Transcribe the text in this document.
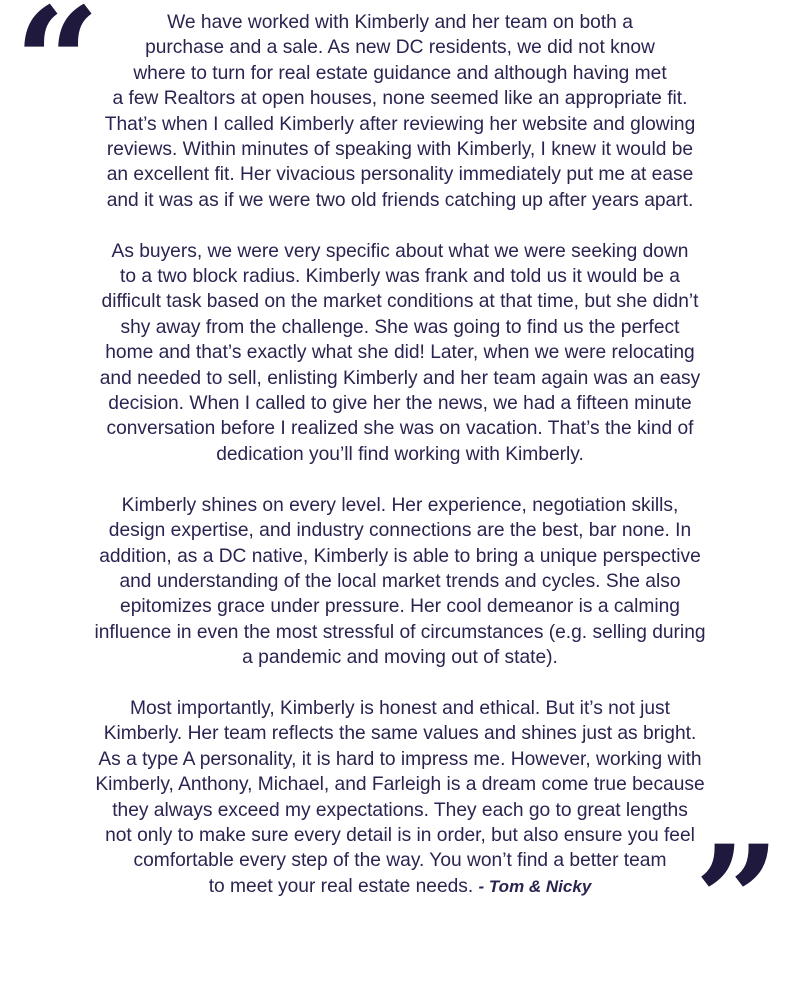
“	We have worked with Kimberly and her team on both a
purchase and a sale. As new DC residents, we did not know
where to turn for real estate guidance and although having met
a few Realtors at open houses, none seemed like an appropriate fit.
That’s when I called Kimberly after reviewing her website and glowing
reviews. Within minutes of speaking with Kimberly, I knew it would be
an excellent fit. Her vivacious personality immediately put me at ease
and it was as if we were two old friends catching up after years apart.

As buyers, we were very specific about what we were seeking down
to a two block radius. Kimberly was frank and told us it would be a
difficult task based on the market conditions at that time, but she didn’t
shy away from the challenge. She was going to find us the perfect
home and that’s exactly what she did! Later, when we were relocating
and needed to sell, enlisting Kimberly and her team again was an easy
decision. When I called to give her the news, we had a fifteen minute
conversation before I realized she was on vacation. That’s the kind of
dedication you’ll find working with Kimberly.

Kimberly shines on every level. Her experience, negotiation skills,
design expertise, and industry connections are the best, bar none. In
addition, as a DC native, Kimberly is able to bring a unique perspective
and understanding of the local market trends and cycles. She also
epitomizes grace under pressure. Her cool demeanor is a calming
influence in even the most stressful of circumstances (e.g. selling during
a pandemic and moving out of state).

Most importantly, Kimberly is honest and ethical. But it’s not just
Kimberly. Her team reflects the same values and shines just as bright.
As a type A personality, it is hard to impress me. However, working with
Kimberly, Anthony, Michael, and Farleigh is a dream come true because
they always exceed my expectations. They each go to great lengths
not only to make sure every detail is in order, but also ensure you feel
comfortable every step of the way. You won’t find a better team
to meet your real estate needs. - Tom & Nicky ”
